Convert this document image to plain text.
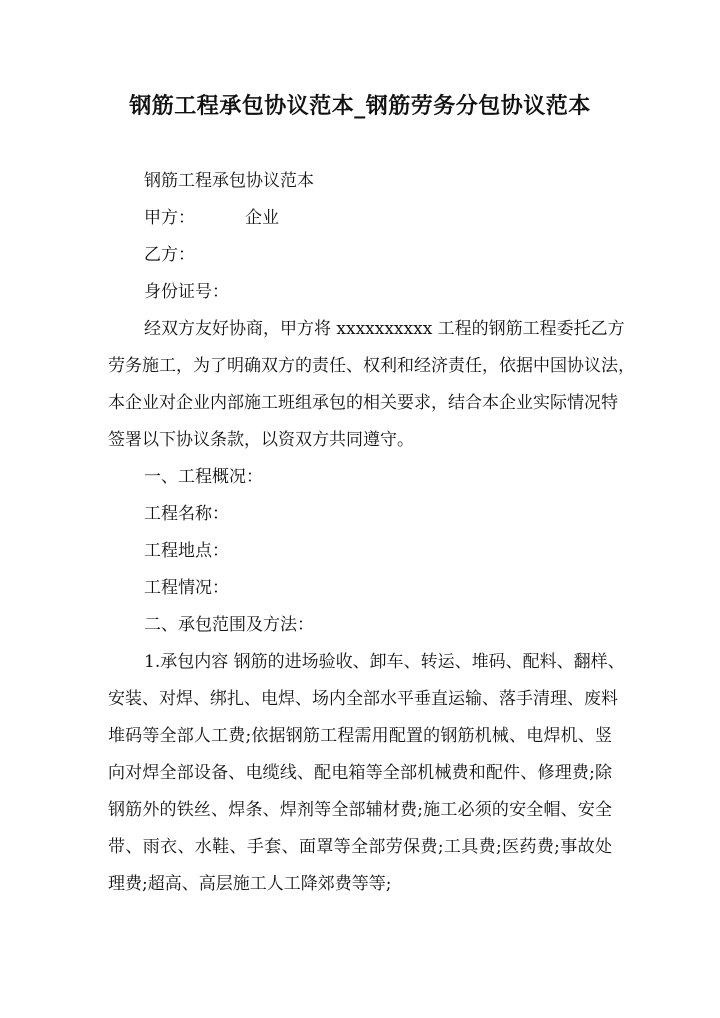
钢筋工程承包协议范本_钢筋劳务分包协议范本
钢筋工程承包协议范本
甲方：	企业
乙方：
身份证号：
经双方友好协商，甲方将 xxxxxxxxxx 工程的钢筋工程委托乙方
劳务施工，为了明确双方的责任、权利和经济责任，依据中国协议法，
本企业对企业内部施工班组承包的相关要求，结合本企业实际情况特
签署以下协议条款，以资双方共同遵守。
一、工程概况：
工程名称：
工程地点：
工程情况：
二、承包范围及方法：
1.承包内容 钢筋的进场验收、卸车、转运、堆码、配料、翻样、
安装、对焊、绑扎、电焊、场内全部水平垂直运输、落手清理、废料
堆码等全部人工费;依据钢筋工程需用配置的钢筋机械、电焊机、竖
向对焊全部设备、电缆线、配电箱等全部机械费和配件、修理费;除
钢筋外的铁丝、焊条、焊剂等全部辅材费;施工必须的安全帽、安全
带、雨衣、水鞋、手套、面罩等全部劳保费;工具费;医药费;事故处
理费;超高、高层施工人工降郊费等等;
